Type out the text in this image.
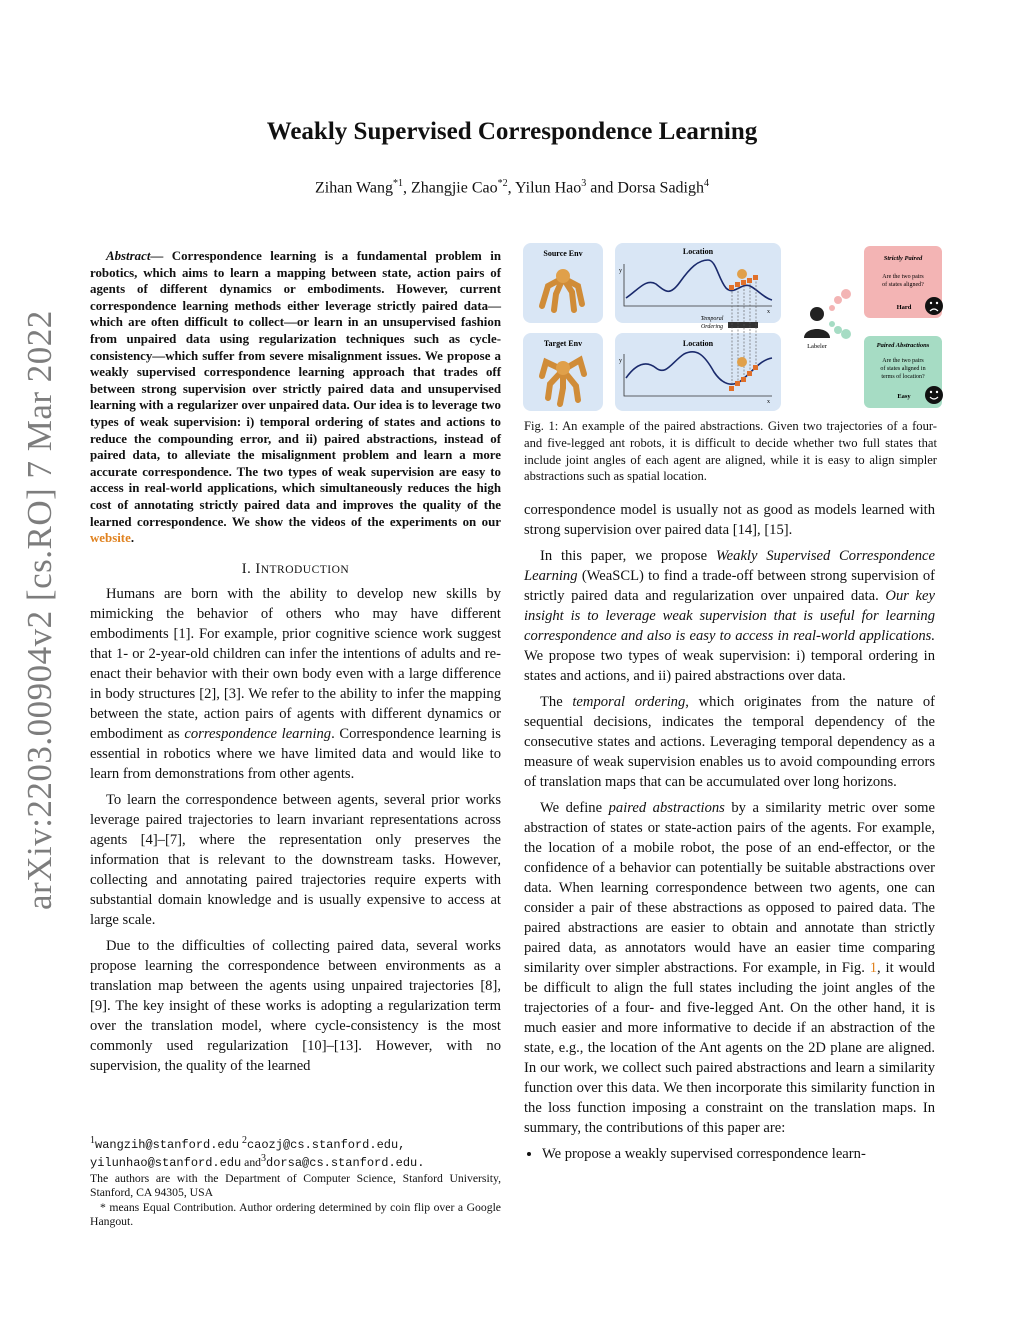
arXiv:2203.00904v2 [cs.RO] 7 Mar 2022
Weakly Supervised Correspondence Learning
Zihan Wang$^{*1}$, Zhangjie Cao$^{*2}$, Yilun Hao$^3$ and Dorsa Sadigh$^4$

Abstract— Correspondence learning is a fundamental problem in robotics, which aims to learn a mapping between state, action pairs of agents of different dynamics or embodiments. However, current correspondence learning methods either leverage strictly paired data—which are often difficult to collect—or learn in an unsupervised fashion from unpaired data using regularization techniques such as cycle-consistency—which suffer from severe misalignment issues. We propose a weakly supervised correspondence learning approach that trades off between strong supervision over strictly paired data and unsupervised learning with a regularizer over unpaired data. Our idea is to leverage two types of weak supervision: i) temporal ordering of states and actions to reduce the compounding error, and ii) paired abstractions, instead of paired data, to alleviate the misalignment problem and learn a more accurate correspondence. The two types of weak supervision are easy to access in real-world applications, which simultaneously reduces the high cost of annotating strictly paired data and improves the quality of the learned correspondence. We show the videos of the experiments on our website.

I. INTRODUCTION

Humans are born with the ability to develop new skills by mimicking the behavior of others who may have different embodiments [1]. For example, prior cognitive science work suggest that 1- or 2-year-old children can infer the intentions of adults and re-enact their behavior with their own body even with a large difference in body structures [2], [3]. We refer to the ability to infer the mapping between the state, action pairs of agents with different dynamics or embodiment as correspondence learning. Correspondence learning is essential in robotics where we have limited data and would like to learn from demonstrations from other agents.

To learn the correspondence between agents, several prior works leverage paired trajectories to learn invariant representations across agents [4]–[7], where the representation only preserves the information that is relevant to the downstream tasks. However, collecting and annotating paired trajectories require experts with substantial domain knowledge and is usually expensive to access at large scale.

Due to the difficulties of collecting paired data, several works propose learning the correspondence between environments as a translation map between the agents using unpaired trajectories [8], [9]. The key insight of these works is adopting a regularization term over the translation model, where cycle-consistency is the most commonly used regularization [10]–[13]. However, with no supervision, the quality of the learned

$^1$wangzih@stanford.edu $^2$caozj@cs.stanford.edu,
yilunhao@stanford.edu and$^3$dorsa@cs.stanford.edu.
The authors are with the Department of Computer Science, Stanford University, Stanford, CA 94305, USA
* means Equal Contribution. Author ordering determined by coin flip over a Google Hangout.
Source Env
Target Env
Location
y
x
Location
y
x
Temporal
Ordering
Labeler
Strictly Paired
Are the two pairs
of states aligned?
Hard
Paired Abstractions
Are the two pairs
of states aligned in
terms of location?
Easy
Fig. 1: An example of the paired abstractions. Given two trajectories of a four- and five-legged ant robots, it is difficult to decide whether two full states that include joint angles of each agent are aligned, while it is easy to align simpler abstractions such as spatial location.

correspondence model is usually not as good as models learned with strong supervision over paired data [14], [15].

In this paper, we propose Weakly Supervised Correspondence Learning (WeaSCL) to find a trade-off between strong supervision of strictly paired data and regularization over unpaired data. Our key insight is to leverage weak supervision that is useful for learning correspondence and also is easy to access in real-world applications. We propose two types of weak supervision: i) temporal ordering in states and actions, and ii) paired abstractions over data.

The temporal ordering, which originates from the nature of sequential decisions, indicates the temporal dependency of the consecutive states and actions. Leveraging temporal dependency as a measure of weak supervision enables us to avoid compounding errors of translation maps that can be accumulated over long horizons.

We define paired abstractions by a similarity metric over some abstraction of states or state-action pairs of the agents. For example, the location of a mobile robot, the pose of an end-effector, or the confidence of a behavior can potentially be suitable abstractions over data. When learning correspondence between two agents, one can consider a pair of these abstractions as opposed to paired data. The paired abstractions are easier to obtain and annotate than strictly paired data, as annotators would have an easier time comparing similarity over simpler abstractions. For example, in Fig. 1, it would be difficult to align the full states including the joint angles of the trajectories of a four- and five-legged Ant. On the other hand, it is much easier and more informative to decide if an abstraction of the state, e.g., the location of the Ant agents on the 2D plane are aligned. In our work, we collect such paired abstractions and learn a similarity function over this data. We then incorporate this similarity function in the loss function imposing a constraint on the translation maps. In summary, the contributions of this paper are:

• We propose a weakly supervised correspondence learn-
